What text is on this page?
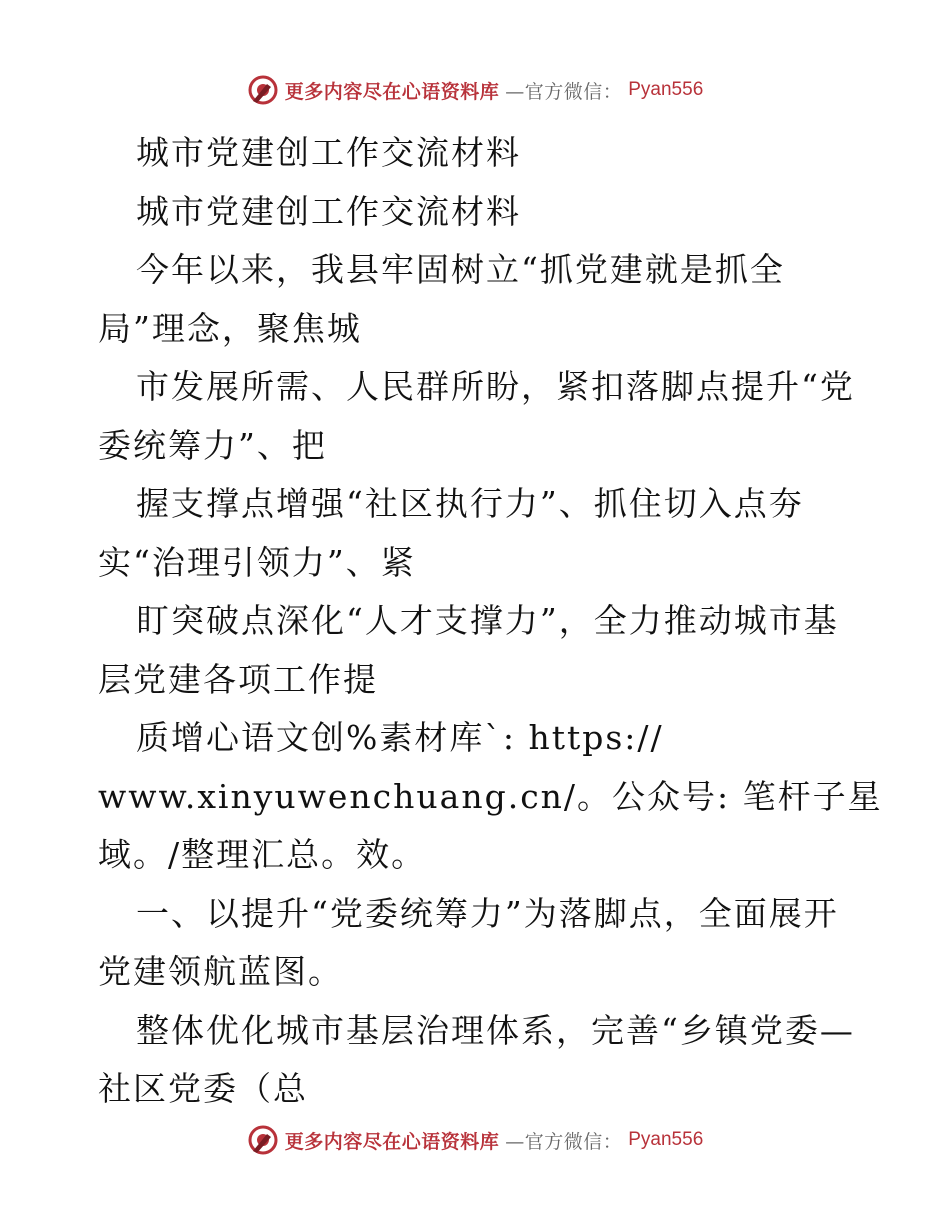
更多内容尽在心语资料库 —官方微信： Pyan556
城市党建创工作交流材料
城市党建创工作交流材料
今年以来，我县牢固树立“抓党建就是抓全
局”理念，聚焦城
市发展所需、人民群所盼，紧扣落脚点提升“党
委统筹力”、把
握支撑点增强“社区执行力”、抓住切入点夯
实“治理引领力”、紧
盯突破点深化“人才支撑力”，全力推动城市基
层党建各项工作提
质增心语文创%素材库`: https://
www.xinyuwenchuang.cn/。公众号: 笔杆子星
域。/整理汇总。效。
一、以提升“党委统筹力”为落脚点，全面展开
党建领航蓝图。
整体优化城市基层治理体系，完善“乡镇党委—
社区党委（总
更多内容尽在心语资料库 —官方微信： Pyan556
